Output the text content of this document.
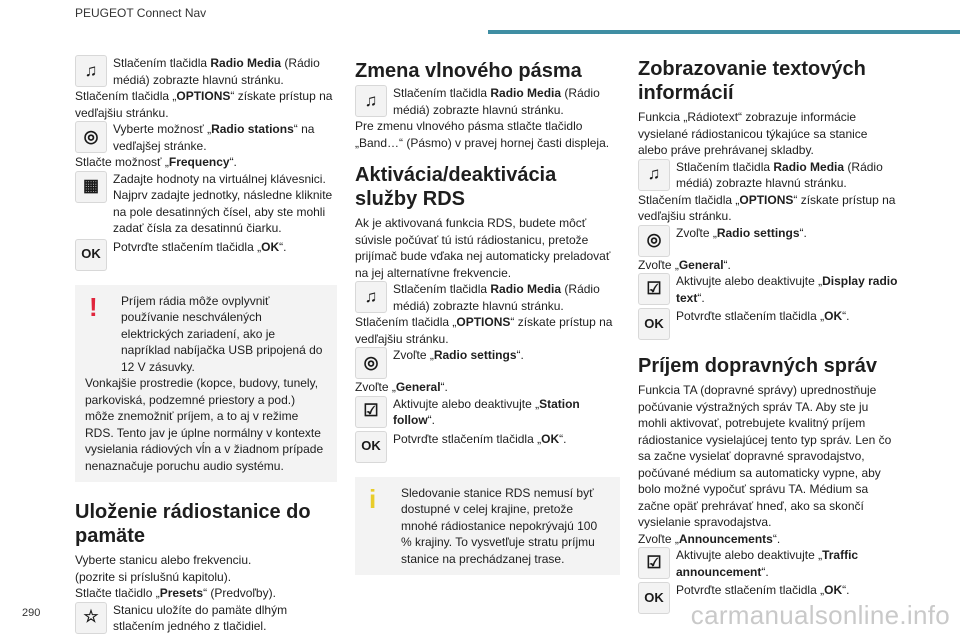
PEUGEOT Connect Nav
♫	Stlačením tlačidla Radio Media (Rádio médiá) zobrazte hlavnú stránku.

Stlačením tlačidla „OPTIONS“ získate prístup na vedľajšiu stránku.

◎	Vyberte možnosť „Radio stations“ na vedľajšej stránke.

Stlačte možnosť „Frequency“.

▦	Zadajte hodnoty na virtuálnej klávesnici. Najprv zadajte jednotky, následne kliknite na pole desatinných čísel, aby ste mohli zadať čísla za desatinnú čiarku.
OK	Potvrďte stlačením tlačidla „OK“.
!	Príjem rádia môže ovplyvniť používanie neschválených elektrických zariadení, ako je napríklad nabíjačka USB pripojená do 12 V zásuvky.

Vonkajšie prostredie (kopce, budovy, tunely, parkoviská, podzemné priestory a pod.) môže znemožniť príjem, a to aj v režime RDS. Tento jav je úplne normálny v kontexte vysielania rádiových vĺn a v žiadnom prípade nenaznačuje poruchu audio systému.

Uloženie rádiostanice do pamäte

Vyberte stanicu alebo frekvenciu.

(pozrite si príslušnú kapitolu).

Stlačte tlačidlo „Presets“ (Predvoľby).

☆	Stanicu uložíte do pamäte dlhým stlačením jedného z tlačidiel.
Zmena vlnového pásma
♫	Stlačením tlačidla Radio Media (Rádio médiá) zobrazte hlavnú stránku.

Pre zmenu vlnového pásma stlačte tlačidlo „Band…“ (Pásmo) v pravej hornej časti displeja.

Aktivácia/deaktivácia služby RDS

Ak je aktivovaná funkcia RDS, budete môcť súvisle počúvať tú istú rádiostanicu, pretože prijímač bude vďaka nej automaticky preladovať na jej alternatívne frekvencie.

♫	Stlačením tlačidla Radio Media (Rádio médiá) zobrazte hlavnú stránku.

Stlačením tlačidla „OPTIONS“ získate prístup na vedľajšiu stránku.

◎	Zvoľte „Radio settings“.

Zvoľte „General“.

☑	Aktivujte alebo deaktivujte „Station follow“.
OK	Potvrďte stlačením tlačidla „OK“.
i	Sledovanie stanice RDS nemusí byť dostupné v celej krajine, pretože mnohé rádiostanice nepokrývajú 100 % krajiny. To vysvetľuje stratu príjmu stanice na prechádzanej trase.

Zobrazovanie textových informácií

Funkcia „Rádiotext“ zobrazuje informácie vysielané rádiostanicou týkajúce sa stanice alebo práve prehrávanej skladby.

♫	Stlačením tlačidla Radio Media (Rádio médiá) zobrazte hlavnú stránku.

Stlačením tlačidla „OPTIONS“ získate prístup na vedľajšiu stránku.

◎	Zvoľte „Radio settings“.

Zvoľte „General“.

☑	Aktivujte alebo deaktivujte „Display radio text“.
OK	Potvrďte stlačením tlačidla „OK“.
Príjem dopravných správ

Funkcia TA (dopravné správy) uprednostňuje počúvanie výstražných správ TA. Aby ste ju mohli aktivovať, potrebujete kvalitný príjem rádiostanice vysielajúcej tento typ správ. Len čo sa začne vysielať dopravné spravodajstvo, počúvané médium sa automaticky vypne, aby bolo možné vypočuť správu TA. Médium sa začne opäť prehrávať hneď, ako sa skončí vysielanie spravodajstva.

Zvoľte „Announcements“.

☑	Aktivujte alebo deaktivujte „Traffic announcement“.
OK	Potvrďte stlačením tlačidla „OK“.
290	carmanualsonline.info
